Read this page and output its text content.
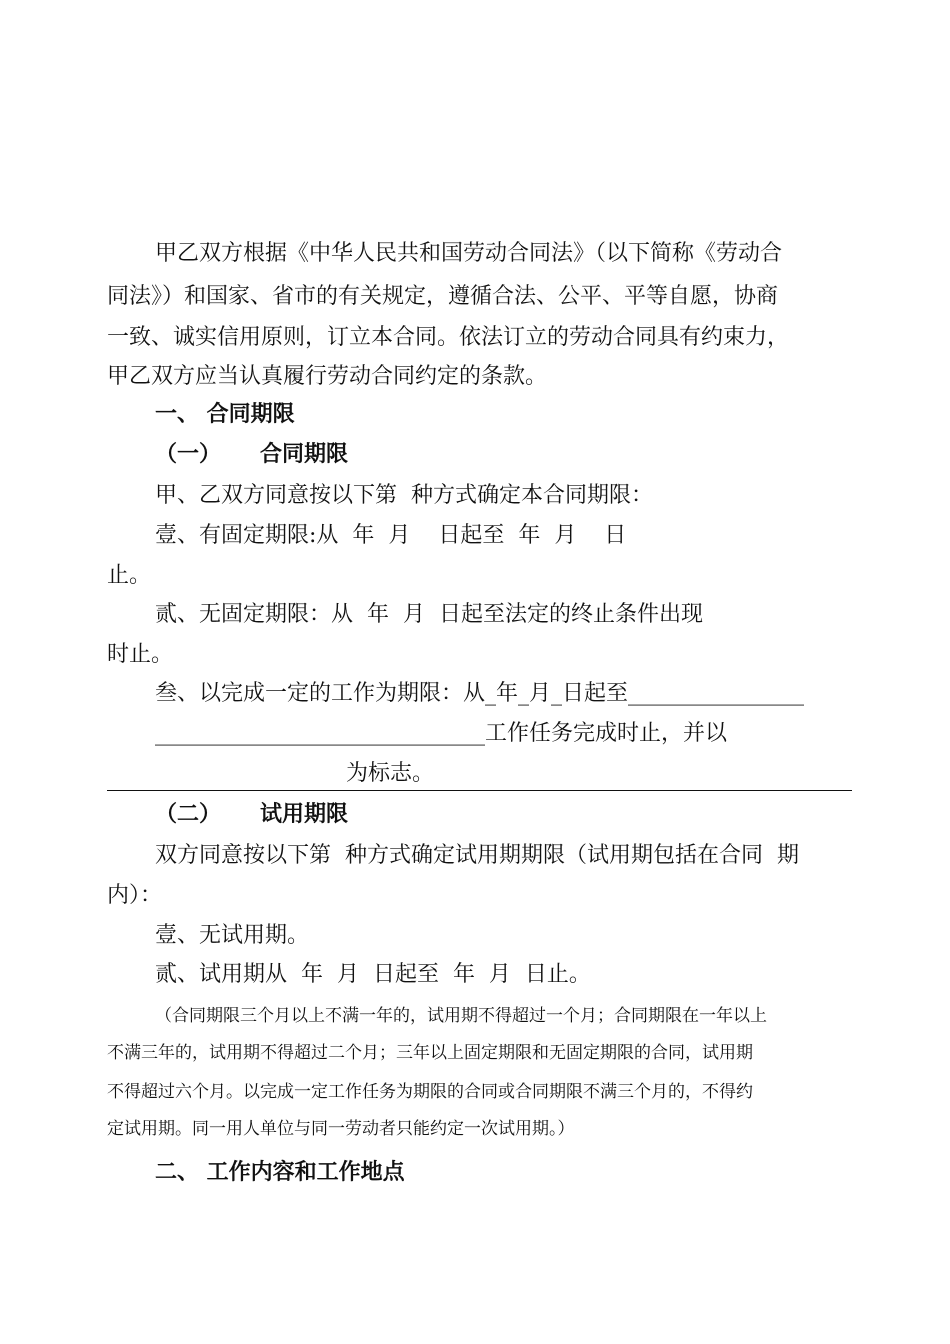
甲乙双方根据《中华人民共和国劳动合同法》（以下简称《劳动合
同法》）和国家、省市的有关规定，遵循合法、公平、平等自愿，协商
一致、诚实信用原则，订立本合同。依法订立的劳动合同具有约束力，
甲乙双方应当认真履行劳动合同约定的条款。
一、 合同期限
（一） 合同期限
甲、乙双方同意按以下第  种方式确定本合同期限：
壹、有固定期限:从  年  月    日起至  年  月    日
止。
贰、无固定期限：从  年  月  日起至法定的终止条件出现
时止。
叁、以完成一定的工作为期限：从_年_月_日起至________________
______________________________工作任务完成时止，并以
为标志。
（二） 试用期限
双方同意按以下第  种方式确定试用期期限（试用期包括在合同  期
内）：
壹、无试用期。
贰、试用期从  年  月  日起至  年  月  日止。
（合同期限三个月以上不满一年的，试用期不得超过一个月；合同期限在一年以上
不满三年的，试用期不得超过二个月；三年以上固定期限和无固定期限的合同，试用期
不得超过六个月。以完成一定工作任务为期限的合同或合同期限不满三个月的，不得约
定试用期。同一用人单位与同一劳动者只能约定一次试用期。）
二、 工作内容和工作地点
